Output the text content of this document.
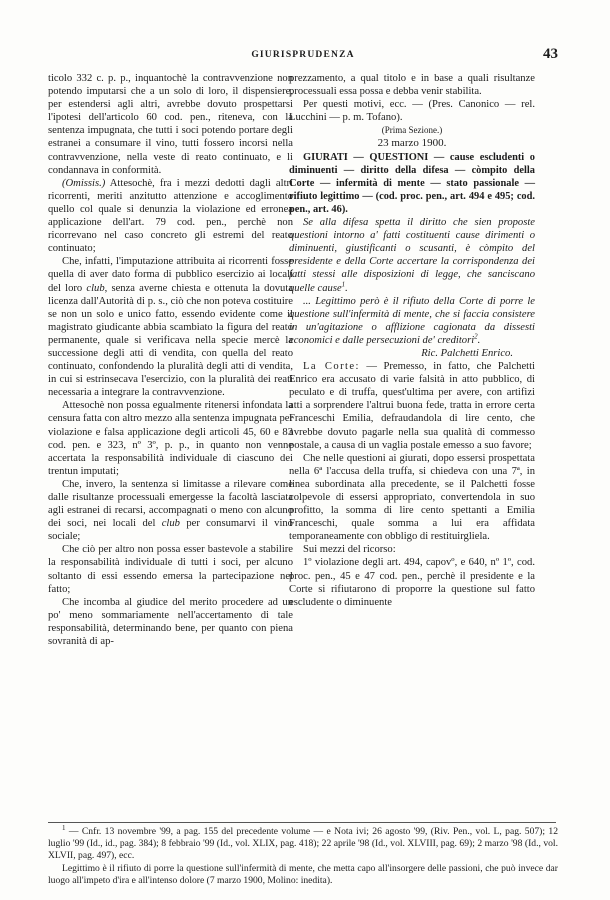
GIURISPRUDENZA	43

ticolo 332 c. p. p., inquantochè la contravvenzione non potendo imputarsi che a un solo di loro, il dispensiere, per estendersi agli altri, avrebbe dovuto prospettarsi l'ipotesi dell'articolo 60 cod. pen., riteneva, con la sentenza impugnata, che tutti i soci potendo portare degli estranei a consumare il vino, tutti fossero incorsi nella contravvenzione, nella veste di reato continuato, e li condannava in conformità.

(Omissis.) Attesochè, fra i mezzi dedotti dagli altri ricorrenti, meriti anzitutto attenzione e accoglimento quello col quale si denunzia la violazione ed erronea applicazione dell'art. 79 cod. pen., perchè non ricorrevano nel caso concreto gli estremi del reato continuato;

Che, infatti, l'imputazione attribuita ai ricorrenti fosse quella di aver dato forma di pubblico esercizio ai locali del loro club, senza averne chiesta e ottenuta la dovuta licenza dall'Autorità di p. s., ciò che non poteva costituire se non un solo e unico fatto, essendo evidente come il magistrato giudicante abbia scambiato la figura del reato permanente, quale si verificava nella specie mercè la successione degli atti di vendita, con quella del reato continuato, confondendo la pluralità degli atti di vendita, in cui si estrinsecava l'esercizio, con la pluralità dei reati necessaria a integrare la contravvenzione.

Attesochè non possa egualmente ritenersi infondata la censura fatta con altro mezzo alla sentenza impugnata per violazione e falsa applicazione degli articoli 45, 60 e 83 cod. pen. e 323, nº 3º, p. p., in quanto non venne accertata la responsabilità individuale di ciascuno dei trentun imputati;

Che, invero, la sentenza si limitasse a rilevare come dalle risultanze processuali emergesse la facoltà lasciata agli estranei di recarsi, accompagnati o meno con alcuno dei soci, nei locali del club per consumarvi il vino sociale;

Che ciò per altro non possa esser bastevole a stabilire la responsabilità individuale di tutti i soci, per alcuno soltanto di essi essendo emersa la partecipazione nel fatto;

Che incomba al giudice del merito procedere ad un po' meno sommariamente nell'accertamento di tale responsabilità, determinando bene, per quanto con piena sovranità di ap-

prezzamento, a qual titolo e in base a quali risultanze processuali essa possa e debba venir stabilita.

Per questi motivi, ecc. — (Pres. Canonico — rel. Lucchini — p. m. Tofano).

(Prima Sezione.)

23 marzo 1900.

GIURATI — QUESTIONI — cause escludenti o diminuenti — diritto della difesa — còmpito della Corte — infermità di mente — stato passionale — rifiuto legittimo — (cod. proc. pen., art. 494 e 495; cod. pen., art. 46).

Se alla difesa spetta il diritto che sien proposte questioni intorno a' fatti costituenti cause dirimenti o diminuenti, giustificanti o scusanti, è còmpito del presidente e della Corte accertare la corrispondenza dei fatti stessi alle disposizioni di legge, che sanciscano quelle cause$^1$.

... Legittimo però è il rifiuto della Corte di porre le questione sull'infermità di mente, che si faccia consistere in un'agitazione o afflizione cagionata da dissesti economici e dalle persecuzioni de' creditori$^2$.

Ric. Palchetti Enrico.

La Corte: — Premesso, in fatto, che Palchetti Enrico era accusato di varie falsità in atto pubblico, di peculato e di truffa, quest'ultima per avere, con artifizi atti a sorprendere l'altrui buona fede, tratta in errore certa Franceschi Emilia, defraudandola di lire cento, che avrebbe dovuto pagarle nella sua qualità di commesso postale, a causa di un vaglia postale emesso a suo favore;

Che nelle questioni ai giurati, dopo essersi prospettata nella 6ª l'accusa della truffa, si chiedeva con una 7ª, in linea subordinata alla precedente, se il Palchetti fosse colpevole di essersi appropriato, convertendola in suo profitto, la somma di lire cento spettanti a Emilia Franceschi, quale somma a lui era affidata temporaneamente con obbligo di restituirgliela.

Sui mezzi del ricorso:

1º violazione degli art. 494, capovº, e 640, nº 1º, cod. proc. pen., 45 e 47 cod. pen., perchè il presidente e la Corte si rifiutarono di proporre la questione sul fatto escludente o diminuente

$^1$ — Cnfr. 13 novembre '99, a pag. 155 del precedente volume — e Nota ivi; 26 agosto '99, (Riv. Pen., vol. L, pag. 507); 12 luglio '99 (Id., id., pag. 384); 8 febbraio '99 (Id., vol. XLIX, pag. 418); 22 aprile '98 (Id., vol. XLVIII, pag. 69); 2 marzo '98 (Id., vol. XLVII, pag. 497), ecc.

Legittimo è il rifiuto di porre la questione sull'infermità di mente, che metta capo all'insorgere delle passioni, che può invece dar luogo all'impeto d'ira e all'intenso dolore (7 marzo 1900, Molino: inedita).
